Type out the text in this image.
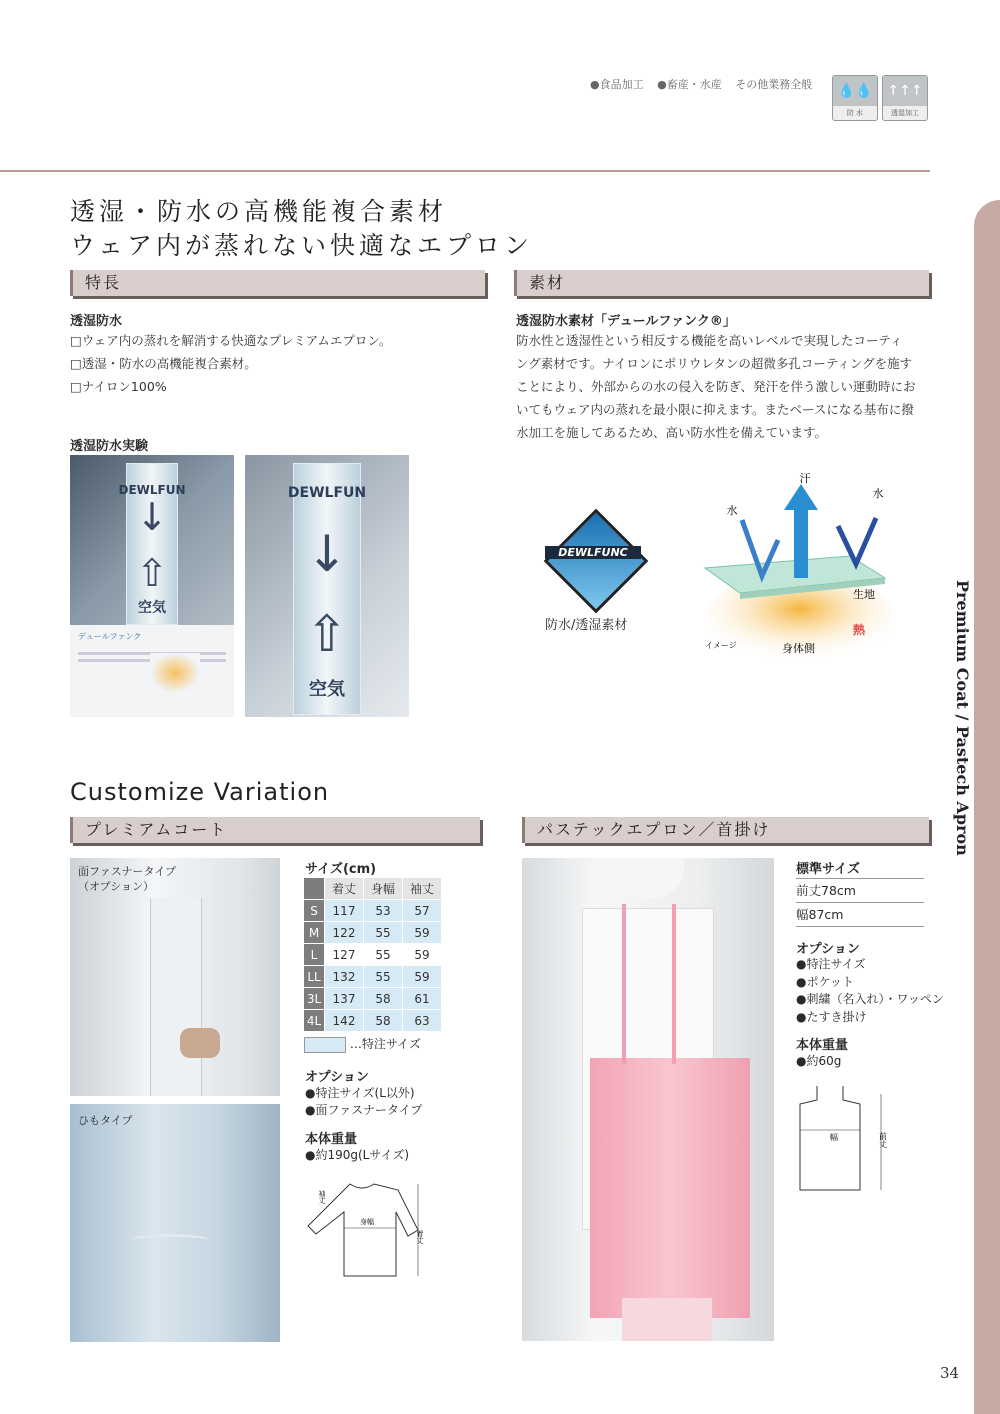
●食品加工 ●畜産・水産 その他業務全般	💧💧
防 水
↑↑↑
透湿加工
Premium Coat / Pastech Apron
透湿・防水の高機能複合素材
ウェア内が蒸れない快適なエプロン
特長
透湿防水
□ウェア内の蒸れを解消する快適なプレミアムエプロン。
□透湿・防水の高機能複合素材。
□ナイロン100%
透湿防水実験
DEWLFUN
↓
⇧
空気
デュールファンク
DEWLFUN
↓
⇧
空気
素材
透湿防水素材「デュールファンク®」
防水性と透湿性という相反する機能を高いレベルで実現したコーティ
ング素材です。ナイロンにポリウレタンの超微多孔コーティングを施す
ことにより、外部からの水の侵入を防ぎ、発汗を伴う激しい運動時にお
いてもウェア内の蒸れを最小限に抑えます。またベースになる基布に撥
水加工を施してあるため、高い防水性を備えています。
DEWLFUNC
防水/透湿素材
汗
水
水
生地
熱
イメージ	身体側
Customize Variation
プレミアムコート
面ファスナータイプ
（オプション）
ひもタイプ
サイズ(cm)
	着丈	身幅	袖丈
S	117	53	57
M	122	55	59
L	127	55	59
LL	132	55	59
3L	137	58	61
4L	142	58	63
…特注サイズ
オプション
●特注サイズ(L以外)
●面ファスナータイプ
本体重量
●約190g(Lサイズ)
身幅
着丈
袖丈
パステックエプロン／首掛け
標準サイズ
前丈78cm
幅87cm
オプション
●特注サイズ
●ポケット
●刺繍（名入れ）・ワッペン
●たすき掛け
本体重量
●約60g
幅	前丈
34
